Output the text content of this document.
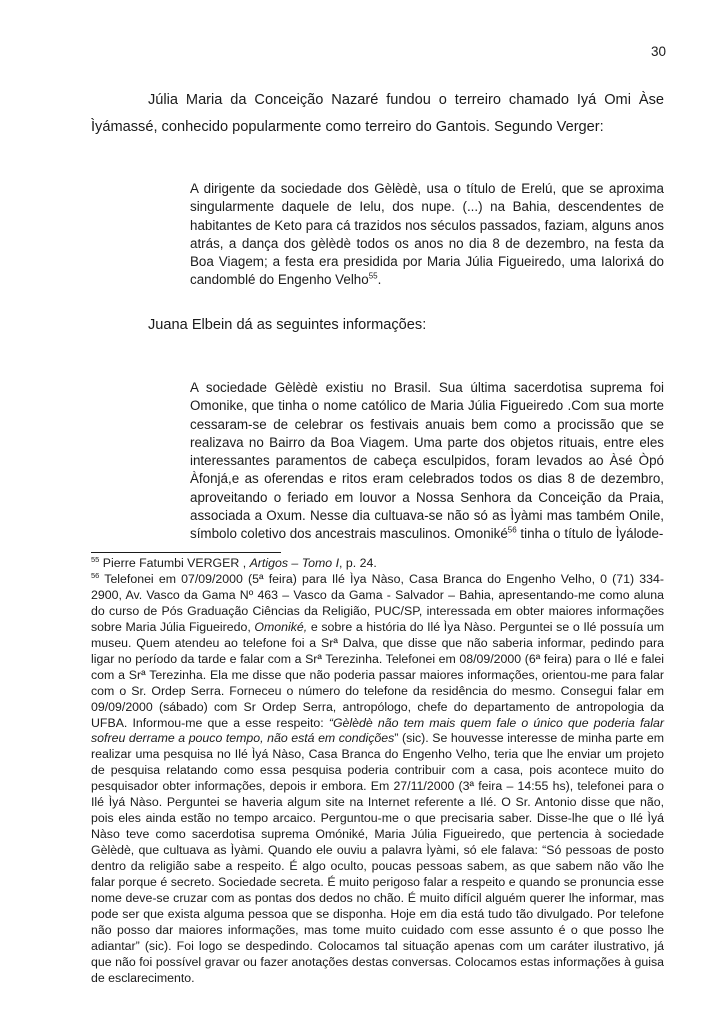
30

Júlia Maria da Conceição Nazaré fundou o terreiro chamado Iyá Omi Àse Ìyámassé, conhecido popularmente como terreiro do Gantois. Segundo Verger:

A dirigente da sociedade dos Gèlèdè, usa o título de Erelú, que se aproxima singularmente daquele de Ielu, dos nupe. (...) na Bahia, descendentes de habitantes de Keto para cá trazidos nos séculos passados, faziam, alguns anos atrás, a dança dos gèlèdè todos os anos no dia 8 de dezembro, na festa da Boa Viagem; a festa era presidida por Maria Júlia Figueiredo, uma Ialorixá do candomblé do Engenho Velho$^{55}$.

Juana Elbein dá as seguintes informações:

A sociedade Gèlèdè existiu no Brasil. Sua última sacerdotisa suprema foi Omonike, que tinha o nome católico de Maria Júlia Figueiredo .Com sua morte cessaram-se de celebrar os festivais anuais bem como a procissão que se realizava no Bairro da Boa Viagem. Uma parte dos objetos rituais, entre eles interessantes paramentos de cabeça esculpidos, foram levados ao Àsé Òpó Àfonjá,e as oferendas e ritos eram celebrados todos os dias 8 de dezembro, aproveitando o feriado em louvor a Nossa Senhora da Conceição da Praia, associada a Oxum. Nesse dia cultuava-se não só as Ìyàmi mas também Onile, símbolo coletivo dos ancestrais masculinos. Omoniké$^{56}$ tinha o título de Ìyálode-

$^{55}$ Pierre Fatumbi VERGER , Artigos – Tomo I, p. 24.

$^{56}$ Telefonei em 07/09/2000 (5ª feira) para Ilé Ìya Nàso, Casa Branca do Engenho Velho, 0 (71) 334-2900, Av. Vasco da Gama Nº 463 – Vasco da Gama - Salvador – Bahia, apresentando-me como aluna do curso de Pós Graduação Ciências da Religião, PUC/SP, interessada em obter maiores informações sobre Maria Júlia Figueiredo, Omoniké, e sobre a história do Ilé Ìya Nàso. Perguntei se o Ilé possuía um museu. Quem atendeu ao telefone foi a Srª Dalva, que disse que não saberia informar, pedindo para ligar no período da tarde e falar com a Srª Terezinha. Telefonei em 08/09/2000 (6ª feira) para o Ilé e falei com a Srª Terezinha. Ela me disse que não poderia passar maiores informações, orientou-me para falar com o Sr. Ordep Serra. Forneceu o número do telefone da residência do mesmo. Consegui falar em 09/09/2000 (sábado) com Sr Ordep Serra, antropólogo, chefe do departamento de antropologia da UFBA. Informou-me que a esse respeito: “Gèlèdè não tem mais quem fale o único que poderia falar sofreu derrame a pouco tempo, não está em condições” (sic). Se houvesse interesse de minha parte em realizar uma pesquisa no Ilé Ìyá Nàso, Casa Branca do Engenho Velho, teria que lhe enviar um projeto de pesquisa relatando como essa pesquisa poderia contribuir com a casa, pois acontece muito do pesquisador obter informações, depois ir embora. Em 27/11/2000 (3ª feira – 14:55 hs), telefonei para o Ilé Ìyá Nàso. Perguntei se haveria algum site na Internet referente a Ilé. O Sr. Antonio disse que não, pois eles ainda estão no tempo arcaico. Perguntou-me o que precisaria saber. Disse-lhe que o Ilé Ìyá Nàso teve como sacerdotisa suprema Omóniké, Maria Júlia Figueiredo, que pertencia à sociedade Gèlèdè, que cultuava as Ìyàmi. Quando ele ouviu a palavra Ìyàmi, só ele falava: “Só pessoas de posto dentro da religião sabe a respeito. É algo oculto, poucas pessoas sabem, as que sabem não vão lhe falar porque é secreto. Sociedade secreta. É muito perigoso falar a respeito e quando se pronuncia esse nome deve-se cruzar com as pontas dos dedos no chão. É muito difícil alguém querer lhe informar, mas pode ser que exista alguma pessoa que se disponha. Hoje em dia está tudo tão divulgado. Por telefone não posso dar maiores informações, mas tome muito cuidado com esse assunto é o que posso lhe adiantar” (sic). Foi logo se despedindo. Colocamos tal situação apenas com um caráter ilustrativo, já que não foi possível gravar ou fazer anotações destas conversas. Colocamos estas informações à guisa de esclarecimento.
